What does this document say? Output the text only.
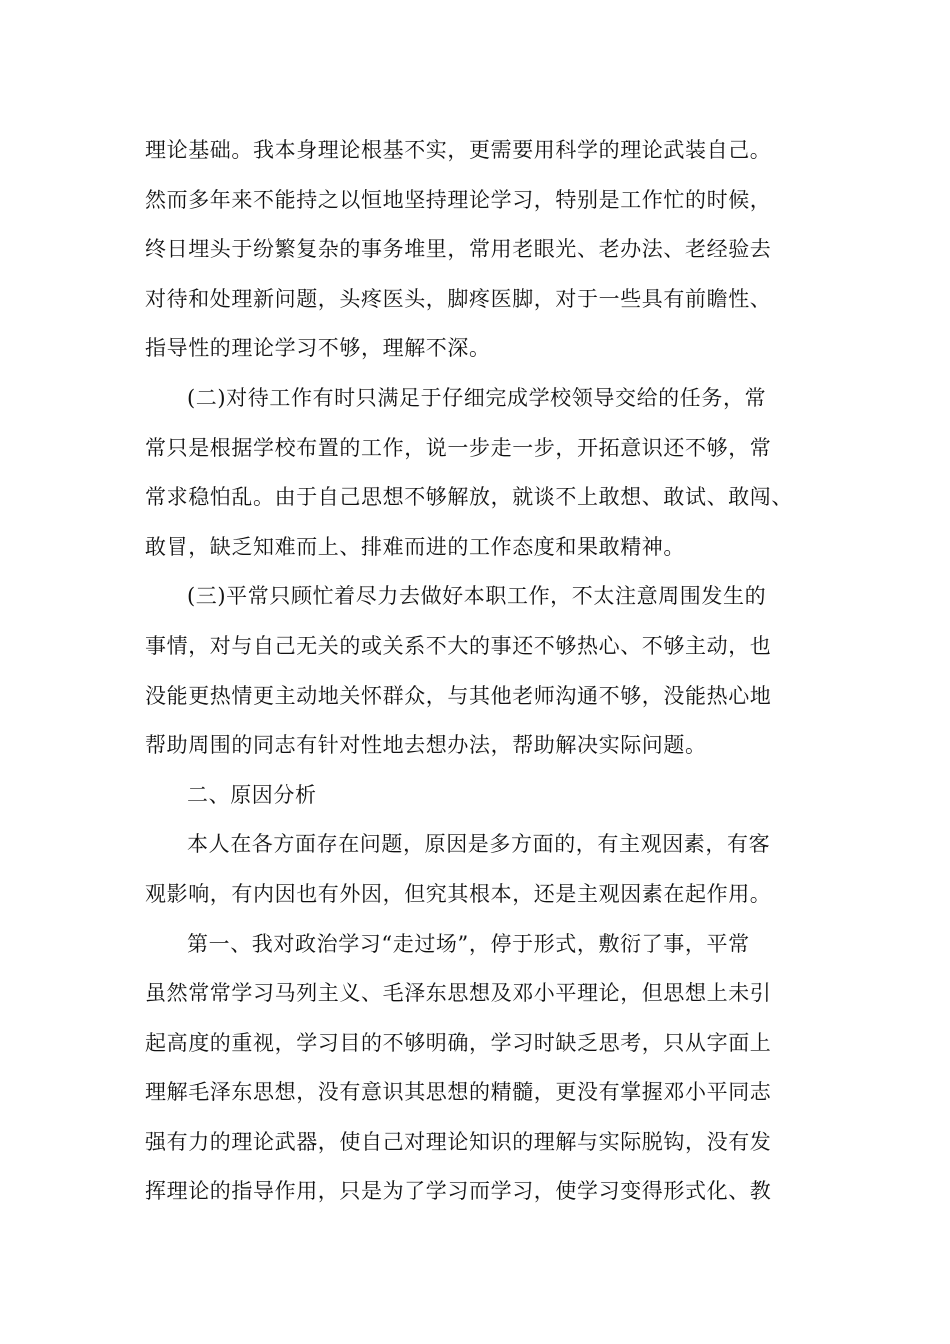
理论基础。我本身理论根基不实，更需要用科学的理论武装自己。
然而多年来不能持之以恒地坚持理论学习，特别是工作忙的时候，
终日埋头于纷繁复杂的事务堆里，常用老眼光、老办法、老经验去
对待和处理新问题，头疼医头，脚疼医脚，对于一些具有前瞻性、
指导性的理论学习不够，理解不深。
(二)对待工作有时只满足于仔细完成学校领导交给的任务，常
常只是根据学校布置的工作，说一步走一步，开拓意识还不够，常
常求稳怕乱。由于自己思想不够解放，就谈不上敢想、敢试、敢闯、
敢冒，缺乏知难而上、排难而进的工作态度和果敢精神。
(三)平常只顾忙着尽力去做好本职工作，不太注意周围发生的
事情，对与自己无关的或关系不大的事还不够热心、不够主动，也
没能更热情更主动地关怀群众，与其他老师沟通不够，没能热心地
帮助周围的同志有针对性地去想办法，帮助解决实际问题。
二、原因分析
本人在各方面存在问题，原因是多方面的，有主观因素，有客
观影响，有内因也有外因，但究其根本，还是主观因素在起作用。
第一、我对政治学习“走过场”，停于形式，敷衍了事，平常
虽然常常学习马列主义、毛泽东思想及邓小平理论，但思想上未引
起高度的重视，学习目的不够明确，学习时缺乏思考，只从字面上
理解毛泽东思想，没有意识其思想的精髓，更没有掌握邓小平同志
强有力的理论武器，使自己对理论知识的理解与实际脱钩，没有发
挥理论的指导作用，只是为了学习而学习，使学习变得形式化、教
